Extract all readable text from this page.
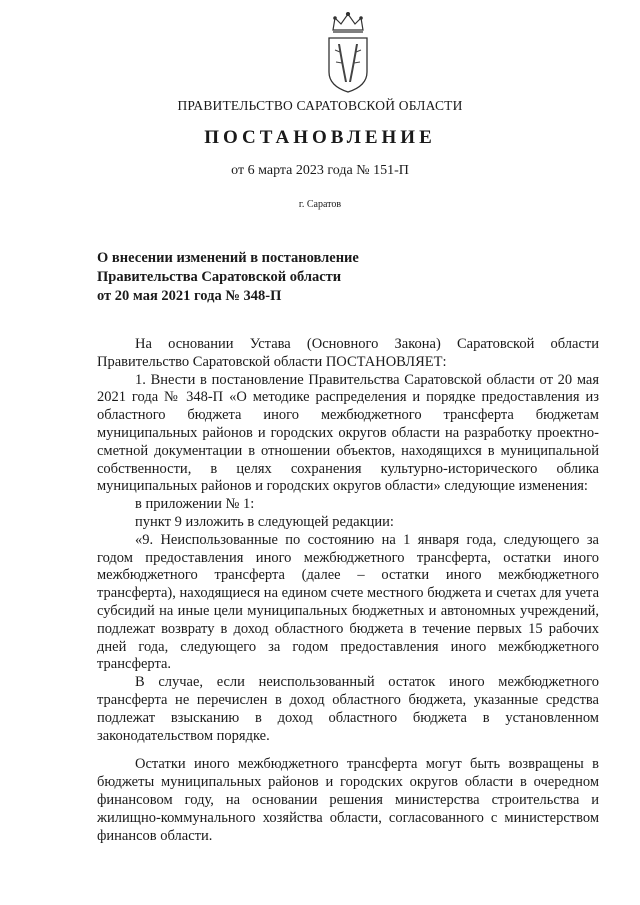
ПРАВИТЕЛЬСТВО САРАТОВСКОЙ ОБЛАСТИ
ПОСТАНОВЛЕНИЕ
от 6 марта 2023 года № 151-П
г. Саратов
О внесении изменений в постановление
Правительства Саратовской области
от 20 мая 2021 года № 348-П

На основании Устава (Основного Закона) Саратовской области Правительство Саратовской области ПОСТАНОВЛЯЕТ:

1. Внести в постановление Правительства Саратовской области от 20 мая 2021 года № 348-П «О методике распределения и порядке предоставления из областного бюджета иного межбюджетного трансферта бюджетам муниципальных районов и городских округов области на разработку проектно-сметной документации в отношении объектов, находящихся в муниципальной собственности, в целях сохранения культурно-исторического облика муниципальных районов и городских округов области» следующие изменения:

в приложении № 1:

пункт 9 изложить в следующей редакции:

«9. Неиспользованные по состоянию на 1 января года, следующего за годом предоставления иного межбюджетного трансферта, остатки иного межбюджетного трансферта (далее – остатки иного межбюджетного трансферта), находящиеся на едином счете местного бюджета и счетах для учета субсидий на иные цели муниципальных бюджетных и автономных учреждений, подлежат возврату в доход областного бюджета в течение первых 15 рабочих дней года, следующего за годом предоставления иного межбюджетного трансферта.

В случае, если неиспользованный остаток иного межбюджетного трансферта не перечислен в доход областного бюджета, указанные средства подлежат взысканию в доход областного бюджета в установленном законодательством порядке.

Остатки иного межбюджетного трансферта могут быть возвращены в бюджеты муниципальных районов и городских округов области в очередном финансовом году, на основании решения министерства строительства и жилищно-коммунального хозяйства области, согласованного с министерством финансов области.
